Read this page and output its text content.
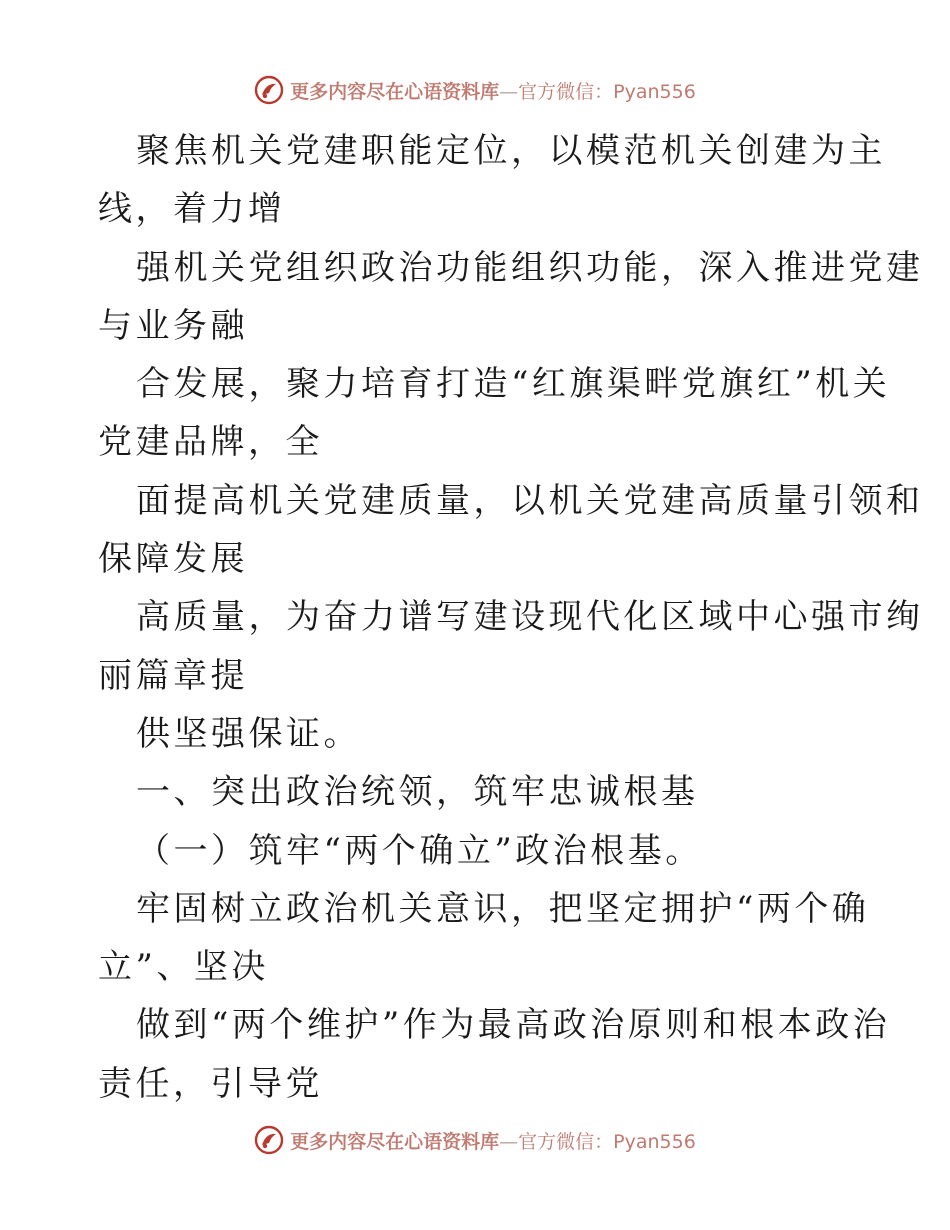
更多内容尽在心语资料库—官方微信：Pyan556
聚焦机关党建职能定位，以模范机关创建为主
线，着力增
强机关党组织政治功能组织功能，深入推进党建
与业务融
合发展，聚力培育打造“红旗渠畔党旗红”机关
党建品牌，全
面提高机关党建质量，以机关党建高质量引领和
保障发展
高质量，为奋力谱写建设现代化区域中心强市绚
丽篇章提
供坚强保证。
一、突出政治统领，筑牢忠诚根基
（一）筑牢“两个确立”政治根基。
牢固树立政治机关意识，把坚定拥护“两个确
立”、坚决
做到“两个维护”作为最高政治原则和根本政治
责任，引导党
更多内容尽在心语资料库—官方微信：Pyan556
